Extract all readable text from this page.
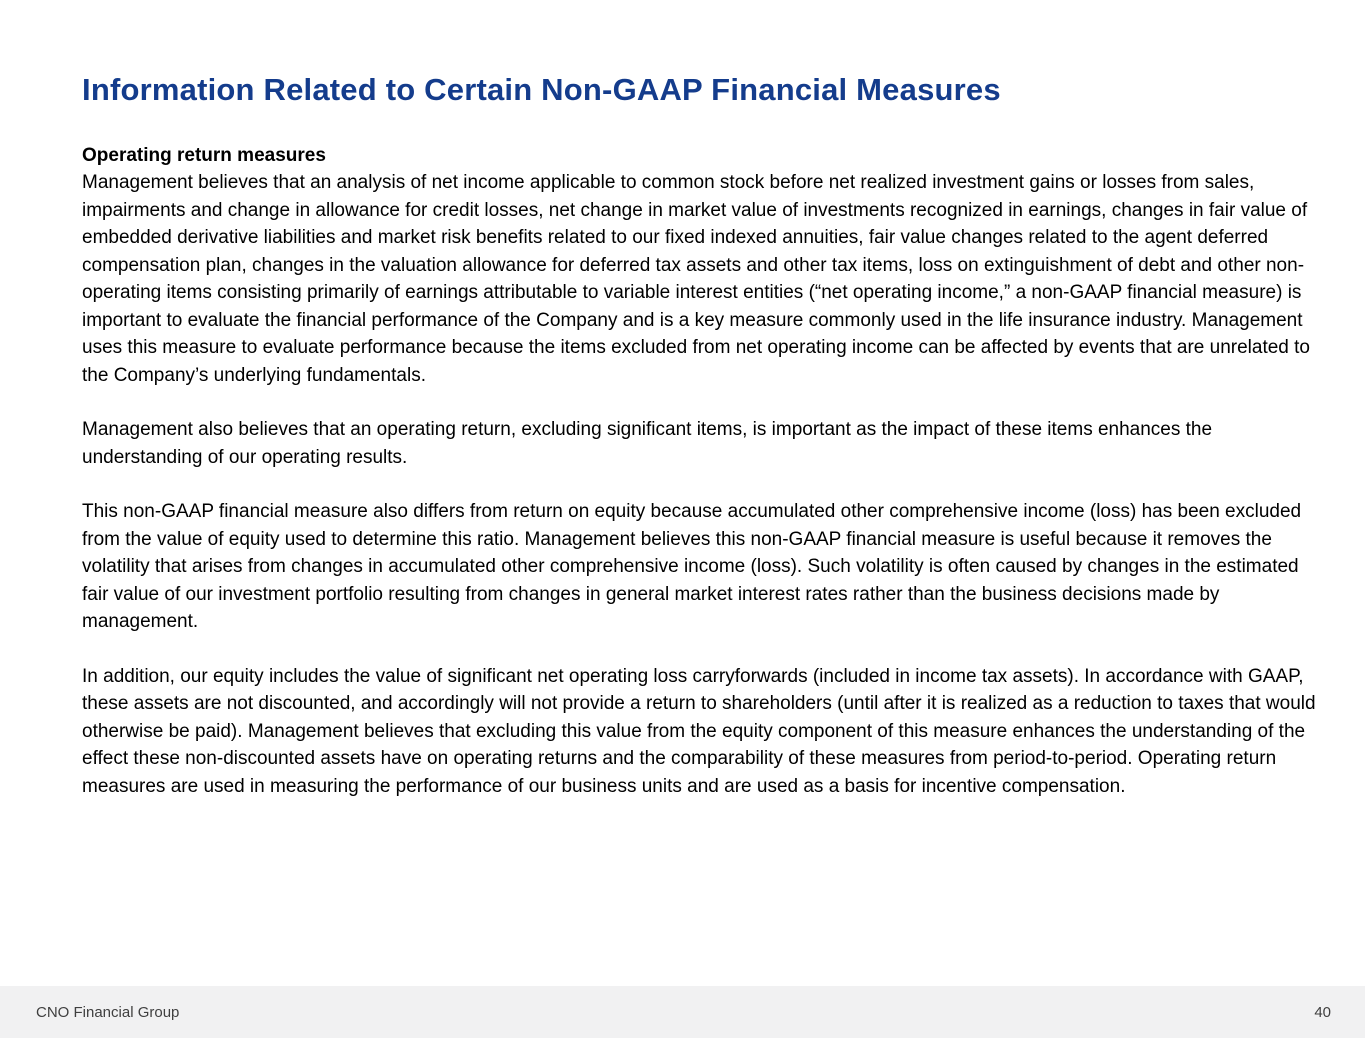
Information Related to Certain Non-GAAP Financial Measures
Operating return measures

Management believes that an analysis of net income applicable to common stock before net realized investment gains or losses from sales, impairments and change in allowance for credit losses, net change in market value of investments recognized in earnings, changes in fair value of embedded derivative liabilities and market risk benefits related to our fixed indexed annuities, fair value changes related to the agent deferred compensation plan, changes in the valuation allowance for deferred tax assets and other tax items, loss on extinguishment of debt and other non-operating items consisting primarily of earnings attributable to variable interest entities (“net operating income,” a non-GAAP financial measure) is important to evaluate the financial performance of the Company and is a key measure commonly used in the life insurance industry. Management uses this measure to evaluate performance because the items excluded from net operating income can be affected by events that are unrelated to the Company’s underlying fundamentals.

Management also believes that an operating return, excluding significant items, is important as the impact of these items enhances the understanding of our operating results.

This non-GAAP financial measure also differs from return on equity because accumulated other comprehensive income (loss) has been excluded from the value of equity used to determine this ratio. Management believes this non-GAAP financial measure is useful because it removes the volatility that arises from changes in accumulated other comprehensive income (loss). Such volatility is often caused by changes in the estimated fair value of our investment portfolio resulting from changes in general market interest rates rather than the business decisions made by management.

In addition, our equity includes the value of significant net operating loss carryforwards (included in income tax assets). In accordance with GAAP, these assets are not discounted, and accordingly will not provide a return to shareholders (until after it is realized as a reduction to taxes that would otherwise be paid). Management believes that excluding this value from the equity component of this measure enhances the understanding of the effect these non-discounted assets have on operating returns and the comparability of these measures from period-to-period. Operating return measures are used in measuring the performance of our business units and are used as a basis for incentive compensation.

CNO Financial Group	40
